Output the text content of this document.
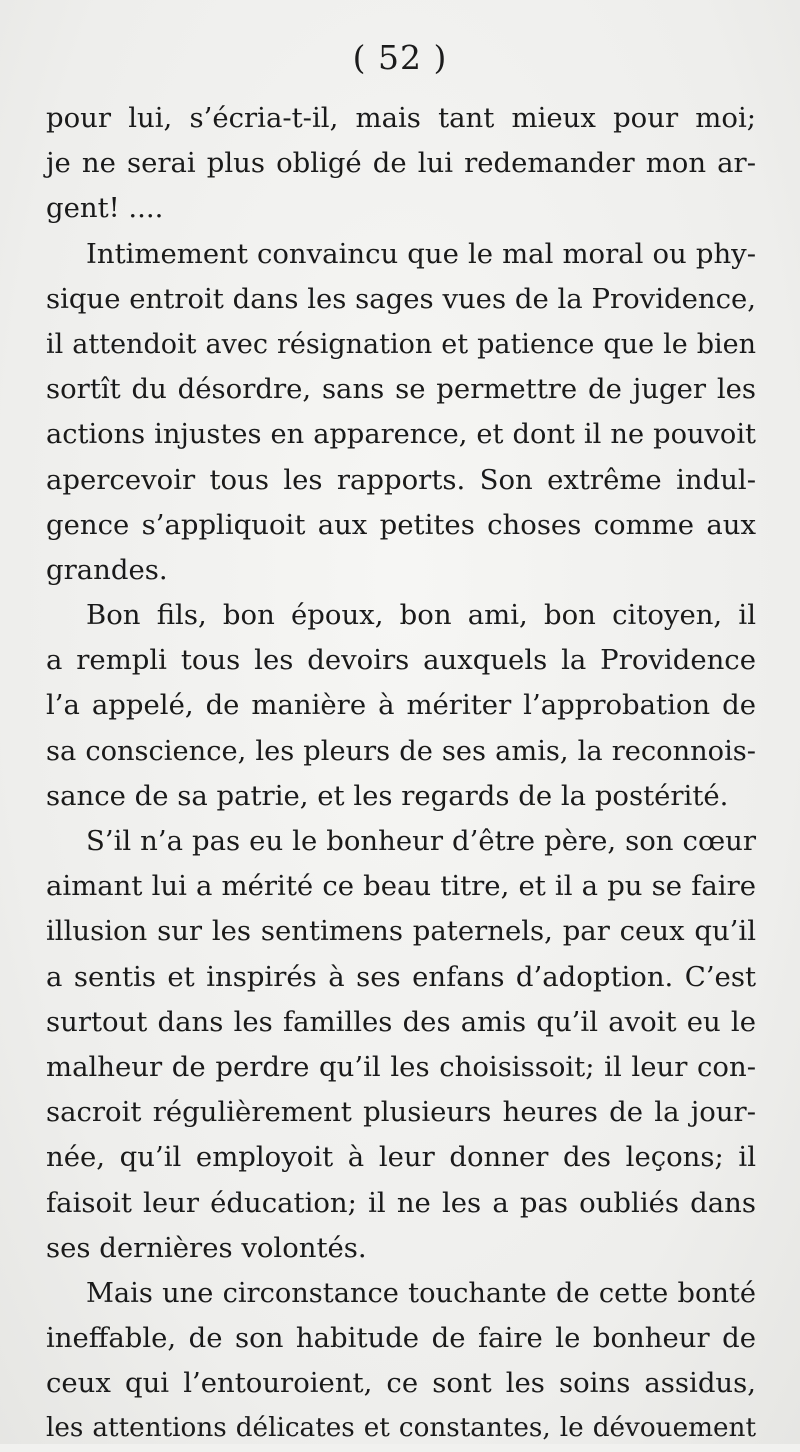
( 52 )
pour lui, s’écria-t-il, mais tant mieux pour moi;
je ne serai plus obligé de lui redemander mon ar-
gent! ....
Intimement convaincu que le mal moral ou phy-
sique entroit dans les sages vues de la Providence,
il attendoit avec résignation et patience que le bien
sortît du désordre, sans se permettre de juger les
actions injustes en apparence, et dont il ne pouvoit
apercevoir tous les rapports. Son extrême indul-
gence s’appliquoit aux petites choses comme aux
grandes.
Bon fils, bon époux, bon ami, bon citoyen, il
a rempli tous les devoirs auxquels la Providence
l’a appelé, de manière à mériter l’approbation de
sa conscience, les pleurs de ses amis, la reconnois-
sance de sa patrie, et les regards de la postérité.
S’il n’a pas eu le bonheur d’être père, son cœur
aimant lui a mérité ce beau titre, et il a pu se faire
illusion sur les sentimens paternels, par ceux qu’il
a sentis et inspirés à ses enfans d’adoption. C’est
surtout dans les familles des amis qu’il avoit eu le
malheur de perdre qu’il les choisissoit; il leur con-
sacroit régulièrement plusieurs heures de la jour-
née, qu’il employoit à leur donner des leçons; il
faisoit leur éducation; il ne les a pas oubliés dans
ses dernières volontés.
Mais une circonstance touchante de cette bonté
ineffable, de son habitude de faire le bonheur de
ceux qui l’entouroient, ce sont les soins assidus,
les attentions délicates et constantes, le dévouement
